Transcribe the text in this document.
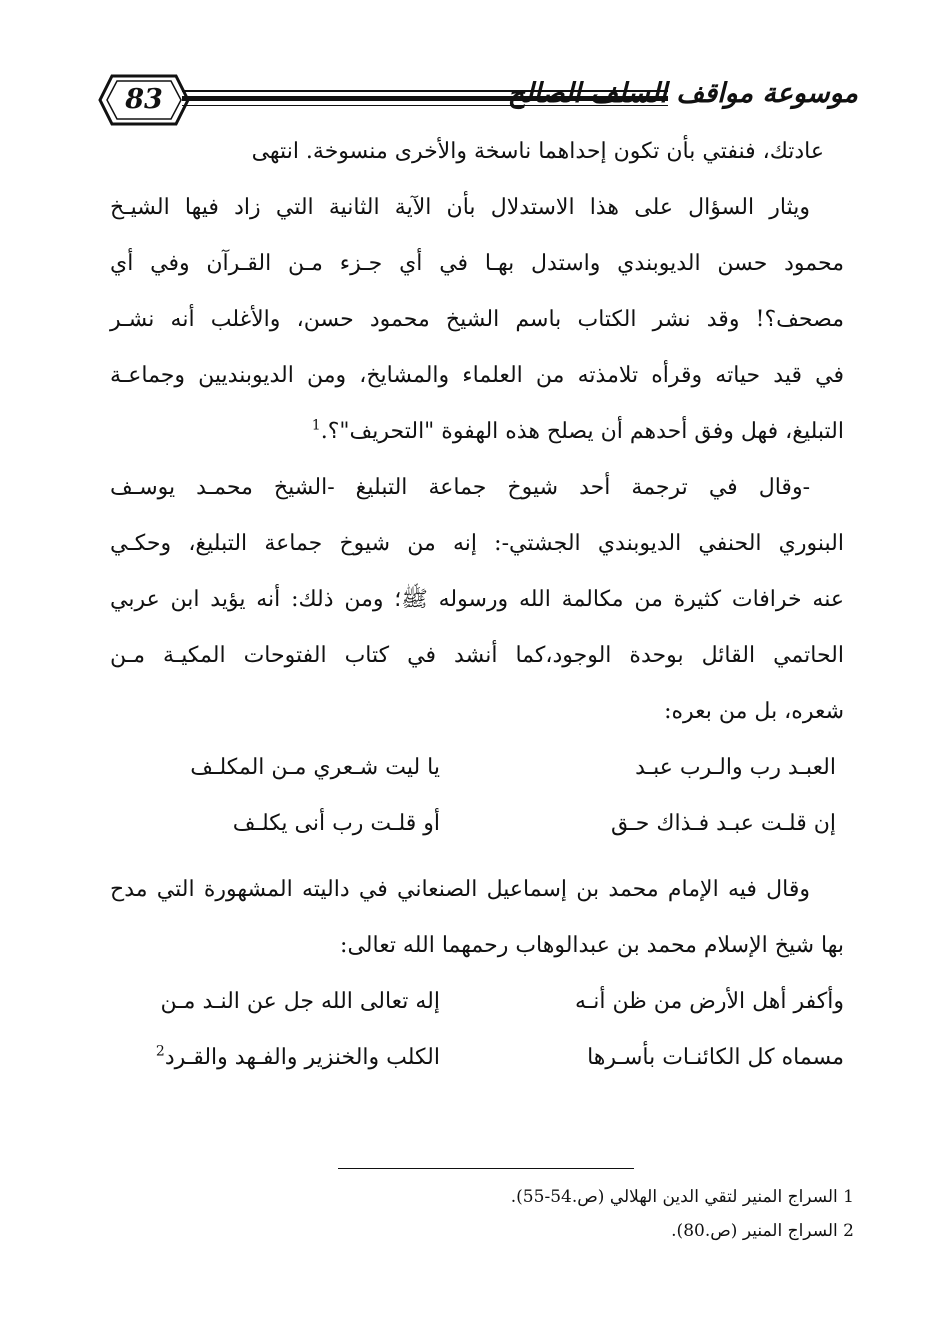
83	موسوعة مواقف السلف الصالح
عادتك، فنفتي بأن تكون إحداهما ناسخة والأخرى منسوخة. انتهى
ويثار السؤال على هذا الاستدلال بأن الآية الثانية التي زاد فيها الشيـخ
محمود حسن الديوبندي واستدل بهـا في أي جـزء مـن القـرآن وفي أي
مصحف؟! وقد نشر الكتاب باسم الشيخ محمود حسن، والأغلب أنه نشـر
في قيد حياته وقرأه تلامذته من العلماء والمشايخ، ومن الديوبنديين وجماعـة
التبليغ، فهل وفق أحدهم أن يصلح هذه الهفوة "التحريف"؟.$^1$
-وقال في ترجمة أحد شيوخ جماعة التبليغ -الشيخ محمـد يوسـف
البنوري الحنفي الديوبندي الجشتي-: إنه من شيوخ جماعة التبليغ، وحكـي
عنه خرافات كثيرة من مكالمة الله ورسوله ﷺ؛ ومن ذلك: أنه يؤيد ابن عربي
الحاتمي القائل بوحدة الوجود،كما أنشد في كتاب الفتوحات المكيـة مـن
شعره، بل من بعره:
العبـد رب والـرب عبـد
يا ليت شـعري مـن المكلـف
إن قلـت عبـد فـذاك حـق
أو قلـت رب أنى يكلـف
وقال فيه الإمام محمد بن إسماعيل الصنعاني في داليته المشهورة التي مدح
بها شيخ الإسلام محمد بن عبدالوهاب رحمهما الله تعالى:
وأكفر أهل الأرض من ظن أنـه
إله تعالى الله جل عن النـد مـن
مسماه كل الكائنـات بأسـرها
الكلب والخنزير والفـهد والقـرد$^2$
1 السراج المنير لتقي الدين الهلالي (ص.54-55).
2 السراج المنير (ص.80).
